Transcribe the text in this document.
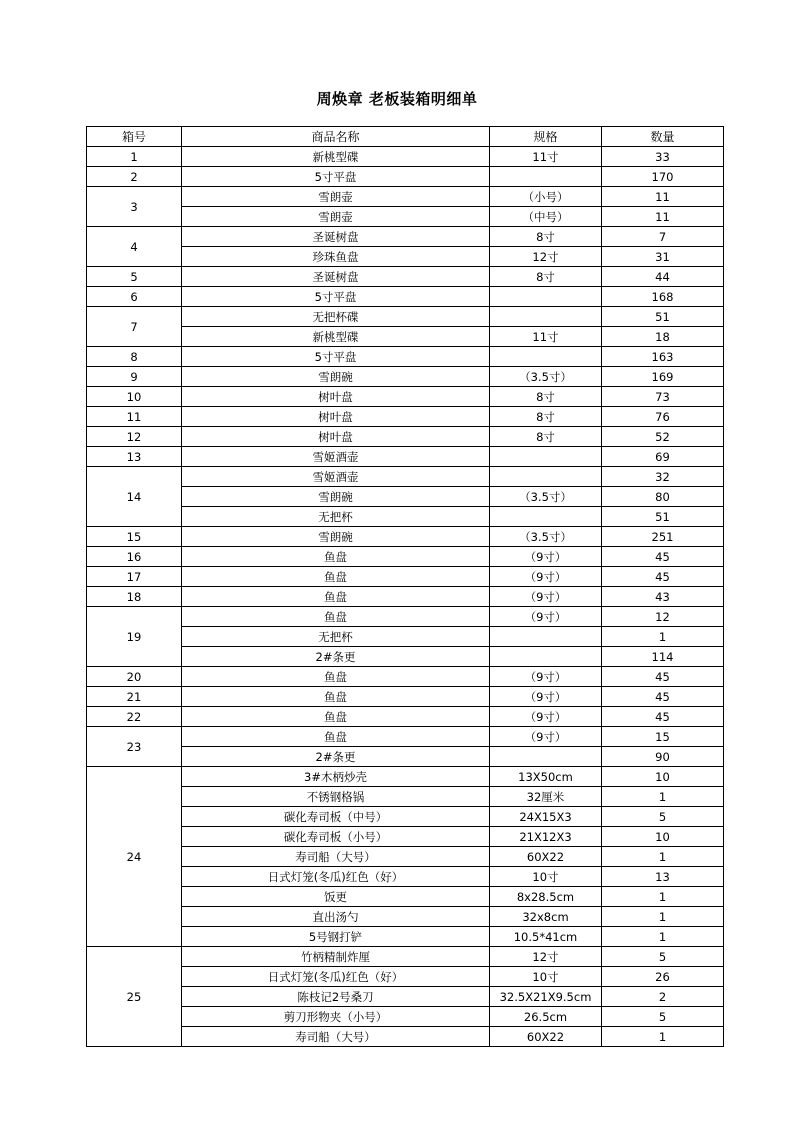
周焕章 老板装箱明细单
箱号	商品名称	规格	数量
1	新桃型碟	11寸	33
2	5寸平盘		170
3	雪朗壶	（小号）	11
	雪朗壶	（中号）	11
4	圣诞树盘	8寸	7
	珍珠鱼盘	12寸	31
5	圣诞树盘	8寸	44
6	5寸平盘		168
7	无把杯碟		51
	新桃型碟	11寸	18
8	5寸平盘		163
9	雪朗碗	（3.5寸）	169
10	树叶盘	8寸	73
11	树叶盘	8寸	76
12	树叶盘	8寸	52
13	雪姬酒壶		69
14	雪姬酒壶		32
	雪朗碗	（3.5寸）	80
	无把杯		51
15	雪朗碗	（3.5寸）	251
16	鱼盘	（9寸）	45
17	鱼盘	（9寸）	45
18	鱼盘	（9寸）	43
19	鱼盘	（9寸）	12
	无把杯		1
	2#条更		114
20	鱼盘	（9寸）	45
21	鱼盘	（9寸）	45
22	鱼盘	（9寸）	45
23	鱼盘	（9寸）	15
	2#条更		90
24	3#木柄炒壳	13X50cm	10
	不锈钢格锅	32厘米	1
	碳化寿司板（中号）	24X15X3	5
	碳化寿司板（小号）	21X12X3	10
	寿司船（大号）	60X22	1
	日式灯笼(冬瓜)红色（好）	10寸	13
	饭更	8x28.5cm	1
	直出汤勺	32x8cm	1
	5号钢打铲	10.5*41cm	1
25	竹柄精制炸厘	12寸	5
	日式灯笼(冬瓜)红色（好）	10寸	26
	陈枝记2号桑刀	32.5X21X9.5cm	2
	剪刀形物夹（小号）	26.5cm	5
	寿司船（大号）	60X22	1
